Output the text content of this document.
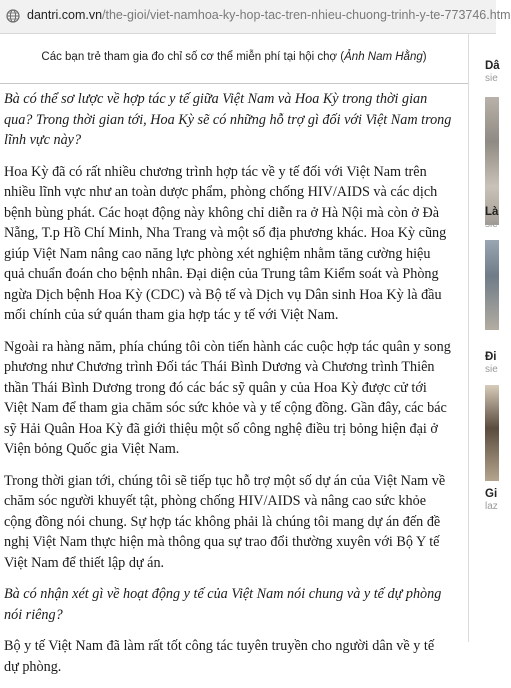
dantri.com.vn/the-gioi/viet-namhoa-ky-hop-tac-tren-nhieu-chuong-trinh-y-te-773746.htm
Các bạn trẻ tham gia đo chỉ số cơ thể miễn phí tại hội chợ (Ảnh Nam Hằng)

Bà có thể sơ lược về hợp tác y tế giữa Việt Nam và Hoa Kỳ trong thời gian qua? Trong thời gian tới, Hoa Kỳ sẽ có những hỗ trợ gì đối với Việt Nam trong lĩnh vực này?

Hoa Kỳ đã có rất nhiều chương trình hợp tác về y tế đối với Việt Nam trên nhiều lĩnh vực như an toàn dược phẩm, phòng chống HIV/AIDS và các dịch bệnh bùng phát. Các hoạt động này không chỉ diễn ra ở Hà Nội mà còn ở Đà Nẵng, T.p Hồ Chí Minh, Nha Trang và một số địa phương khác. Hoa Kỳ cũng giúp Việt Nam nâng cao năng lực phòng xét nghiệm nhằm tăng cường hiệu quả chuẩn đoán cho bệnh nhân. Đại diện của Trung tâm Kiểm soát và Phòng ngừa Dịch bệnh Hoa Kỳ (CDC) và Bộ tế và Dịch vụ Dân sinh Hoa Kỳ là đầu mối chính của sứ quán tham gia hợp tác y tế với Việt Nam.

Ngoài ra hàng năm, phía chúng tôi còn tiến hành các cuộc hợp tác quân y song phương như Chương trình Đối tác Thái Bình Dương và Chương trình Thiên thần Thái Bình Dương trong đó các bác sỹ quân y của Hoa Kỳ được cử tới Việt Nam để tham gia chăm sóc sức khỏe và y tế cộng đồng. Gần đây, các bác sỹ Hải Quân Hoa Kỳ đã giới thiệu một số công nghệ điều trị bỏng hiện đại ở Viện bỏng Quốc gia Việt Nam.

Trong thời gian tới, chúng tôi sẽ tiếp tục hỗ trợ một số dự án của Việt Nam về chăm sóc người khuyết tật, phòng chống HIV/AIDS và nâng cao sức khỏe cộng đồng nói chung. Sự hợp tác không phải là chúng tôi mang dự án đến đề nghị Việt Nam thực hiện mà thông qua sự trao đổi thường xuyên với Bộ Y tế Việt Nam để thiết lập dự án.

Bà có nhận xét gì về hoạt động y tế của Việt Nam nói chung và y tế dự phòng nói riêng?

Bộ y tế Việt Nam đã làm rất tốt công tác tuyên truyền cho người dân về y tế dự phòng.

Dâ
sie
Là
sie
Đi
sie
Gi
laz
